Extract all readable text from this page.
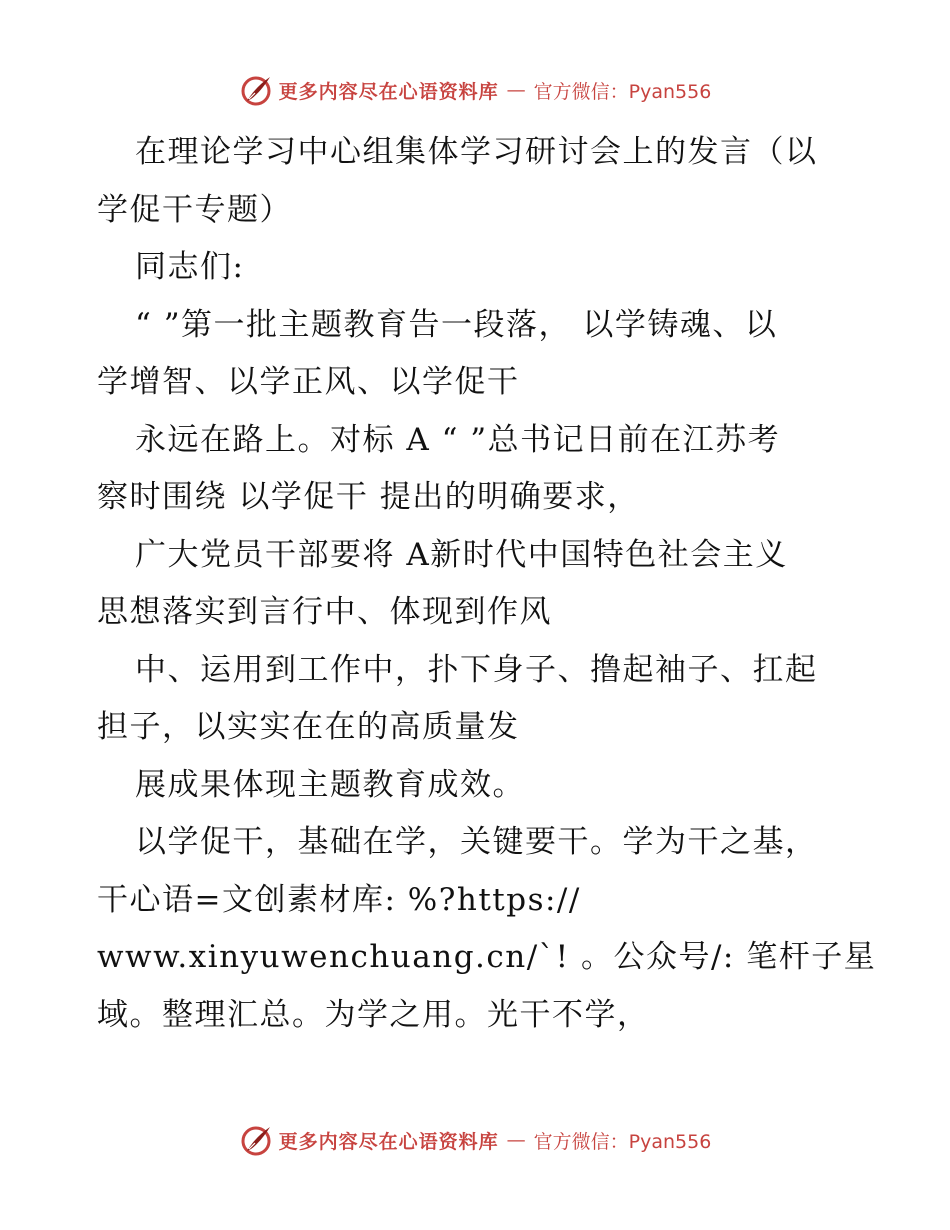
更多内容尽在心语资料库 — 官方微信：Pyan556
在理论学习中心组集体学习研讨会上的发言（以
学促干专题）
同志们:
“ ”第一批主题教育告一段落， 以学铸魂、以
学增智、以学正风、以学促干
永远在路上。对标 A “ ”总书记日前在江苏考
察时围绕 以学促干 提出的明确要求，
广大党员干部要将 A新时代中国特色社会主义
思想落实到言行中、体现到作风
中、运用到工作中，扑下身子、撸起袖子、扛起
担子，以实实在在的高质量发
展成果体现主题教育成效。
以学促干，基础在学，关键要干。学为干之基，
干心语=文创素材库: %?https://
www.xinyuwenchuang.cn/`! 。公众号/: 笔杆子星
域。整理汇总。为学之用。光干不学，
更多内容尽在心语资料库 — 官方微信：Pyan556
